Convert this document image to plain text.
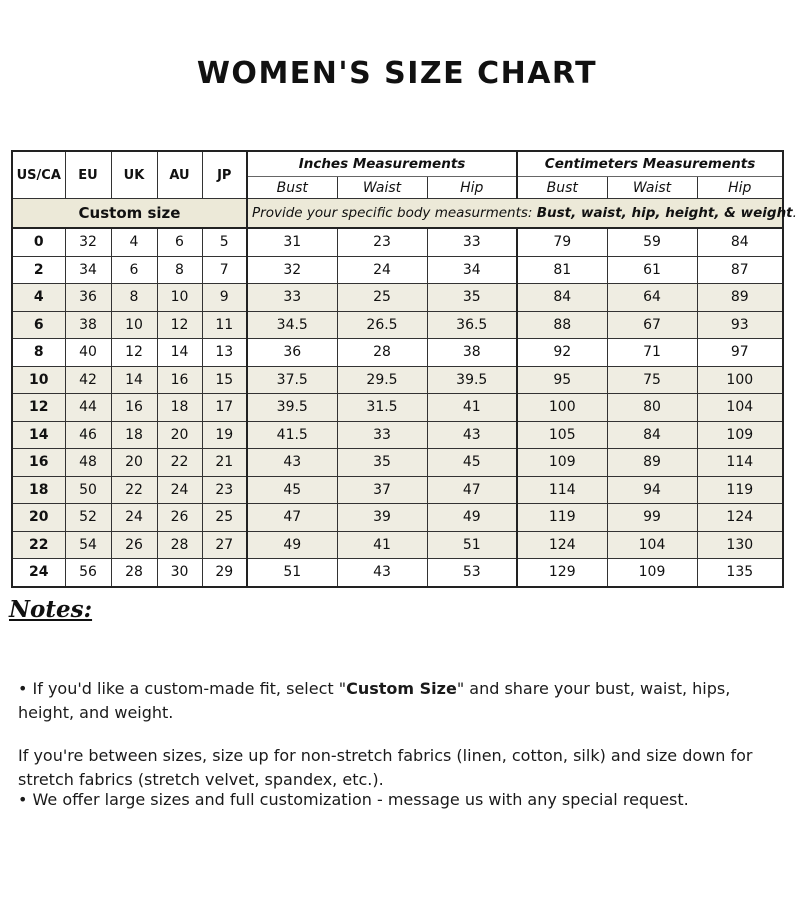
WOMEN'S SIZE CHART
US/CA	EU	UK	AU	JP	Inches Measurements			Centimeters Measurements		
					Bust	Waist	Hip	Bust	Waist	Hip
Custom size					Provide your specific body measurments: Bust, waist, hip, height, & weight.					
0	32	4	6	5	31	23	33	79	59	84
2	34	6	8	7	32	24	34	81	61	87
4	36	8	10	9	33	25	35	84	64	89
6	38	10	12	11	34.5	26.5	36.5	88	67	93
8	40	12	14	13	36	28	38	92	71	97
10	42	14	16	15	37.5	29.5	39.5	95	75	100
12	44	16	18	17	39.5	31.5	41	100	80	104
14	46	18	20	19	41.5	33	43	105	84	109
16	48	20	22	21	43	35	45	109	89	114
18	50	22	24	23	45	37	47	114	94	119
20	52	24	26	25	47	39	49	119	99	124
22	54	26	28	27	49	41	51	124	104	130
24	56	28	30	29	51	43	53	129	109	135

Notes:

• If you'd like a custom-made fit, select "Custom Size" and share your bust, waist, hips, height, and weight.

If you're between sizes, size up for non-stretch fabrics (linen, cotton, silk) and size down for stretch fabrics (stretch velvet, spandex, etc.).

• We offer large sizes and full customization - message us with any special request.
